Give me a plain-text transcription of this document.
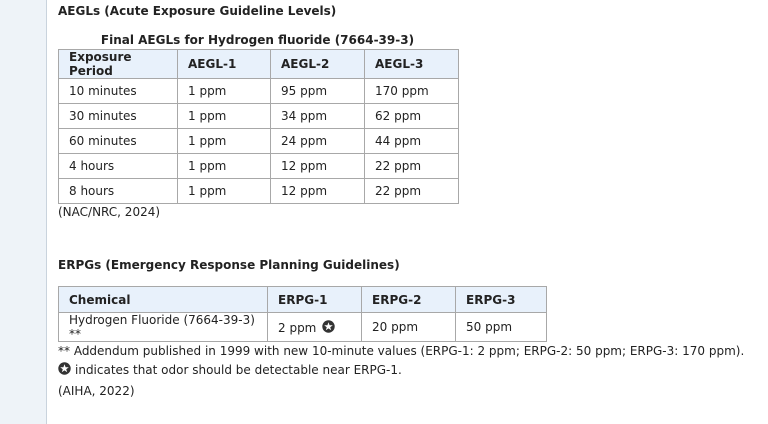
AEGLs (Acute Exposure Guideline Levels)
Final AEGLs for Hydrogen fluoride (7664-39-3)
Exposure Period	AEGL-1	AEGL-2	AEGL-3
10 minutes	1 ppm	95 ppm	170 ppm
30 minutes	1 ppm	34 ppm	62 ppm
60 minutes	1 ppm	24 ppm	44 ppm
4 hours	1 ppm	12 ppm	22 ppm
8 hours	1 ppm	12 ppm	22 ppm
(NAC/NRC, 2024)
ERPGs (Emergency Response Planning Guidelines)
Chemical	ERPG-1	ERPG-2	ERPG-3
Hydrogen Fluoride (7664-39-3) **	2 ppm	20 ppm	50 ppm
** Addendum published in 1999 with new 10-minute values (ERPG-1: 2 ppm; ERPG-2: 50 ppm; ERPG-3: 170 ppm).
indicates that odor should be detectable near ERPG-1.
(AIHA, 2022)
